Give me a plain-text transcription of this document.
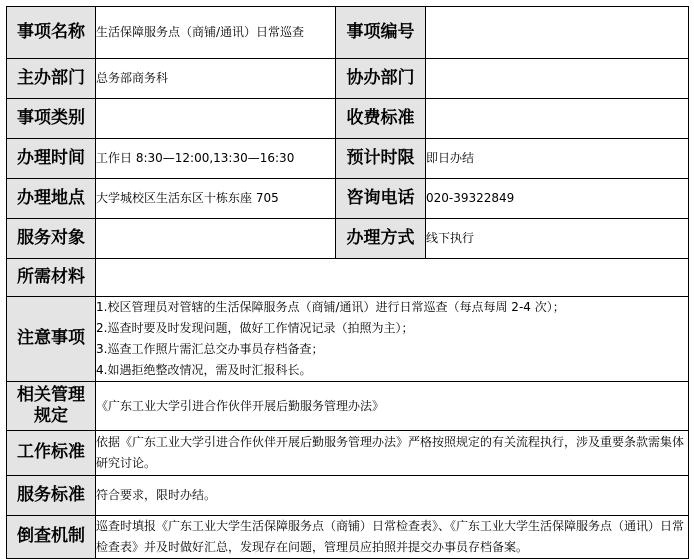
事项名称	生活保障服务点（商铺/通讯）日常巡查	事项编号	
主办部门	总务部商务科	协办部门	
事项类别		收费标准	
办理时间	工作日 8:30—12:00,13:30—16:30	预计时限	即日办结
办理地点	大学城校区生活东区十栋东座 705	咨询电话	020-39322849
服务对象		办理方式	线下执行
所需材料			
注意事项	1.校区管理员对管辖的生活保障服务点（商铺/通讯）进行日常巡查（每点每周 2-4 次）；
2.巡查时要及时发现问题，做好工作情况记录（拍照为主）；
3.巡查工作照片需汇总交办事员存档备查；
4.如遇拒绝整改情况，需及时汇报科长。		

相关管理
规定	《广东工业大学引进合作伙伴开展后勤服务管理办法》		
工作标准	依据《广东工业大学引进合作伙伴开展后勤服务管理办法》严格按照规定的有关流程执行，涉及重要条款需集体研究讨论。		
服务标准	符合要求，限时办结。		
倒查机制	巡查时填报《广东工业大学生活保障服务点（商铺）日常检查表》、《广东工业大学生活保障服务点（通讯）日常检查表》并及时做好汇总，发现存在问题，管理员应拍照并提交办事员存档备案。		
